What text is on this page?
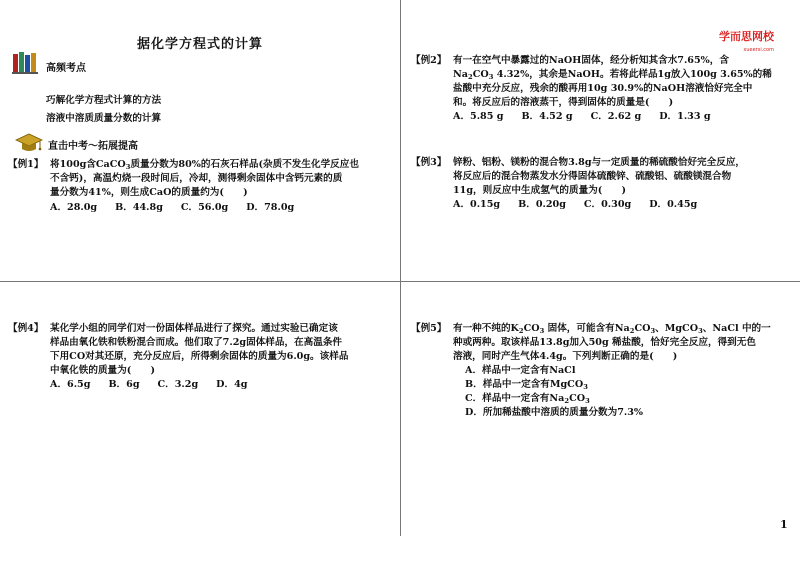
据化学方程式的计算
高频考点
巧解化学方程式计算的方法
溶液中溶质质量分数的计算
直击中考～拓展提高
【例1】 将100g含CaCO$_3$质量分数为80%的石灰石样品(杂质不发生化学反应也
不含钙)，高温灼烧一段时间后，冷却，测得剩余固体中含钙元素的质
量分数为41%，则生成CaO的质量约为(　　)
A．28.0g B．44.8g C．56.0g D．78.0g
学而思网校
xueersi.com
【例2】 有一在空气中暴露过的NaOH固体，经分析知其含水7.65%，含
$Na_2CO_3$ 4.32%，其余是NaOH。若将此样品1g放入100g 3.65%的稀
盐酸中充分反应，残余的酸再用10g 30.9%的NaOH溶液恰好完全中
和。将反应后的溶液蒸干，得到固体的质量是(　　)
A．5.85 g B．4.52 g C．2.62 g D．1.33 g
【例3】 锌粉、铝粉、镁粉的混合物3.8g与一定质量的稀硫酸恰好完全反应，
将反应后的混合物蒸发水分得固体硫酸锌、硫酸铝、硫酸镁混合物
11g，则反应中生成氢气的质量为(　　)
A．0.15g B．0.20g C．0.30g D．0.45g
【例4】 某化学小组的同学们对一份固体样品进行了探究。通过实验已确定该
样品由氧化铁和铁粉混合而成。他们取了7.2g固体样品，在高温条件
下用CO对其还原，充分反应后，所得剩余固体的质量为6.0g。该样品
中氧化铁的质量为(　　)
A．6.5g B．6g C．3.2g D．4g
【例5】 有一种不纯的$K_2CO_3$ 固体，可能含有$Na_2CO_3$、MgCO$_3$、NaCl 中的一
种或两种。取该样品13.8g加入50g 稀盐酸，恰好完全反应，得到无色
溶液，同时产生气体4.4g。下列判断正确的是(　　)
A．样品中一定含有NaCl
B．样品中一定含有MgCO$_3$
C．样品中一定含有$Na_2CO_3$
D．所加稀盐酸中溶质的质量分数为7.3%
1
